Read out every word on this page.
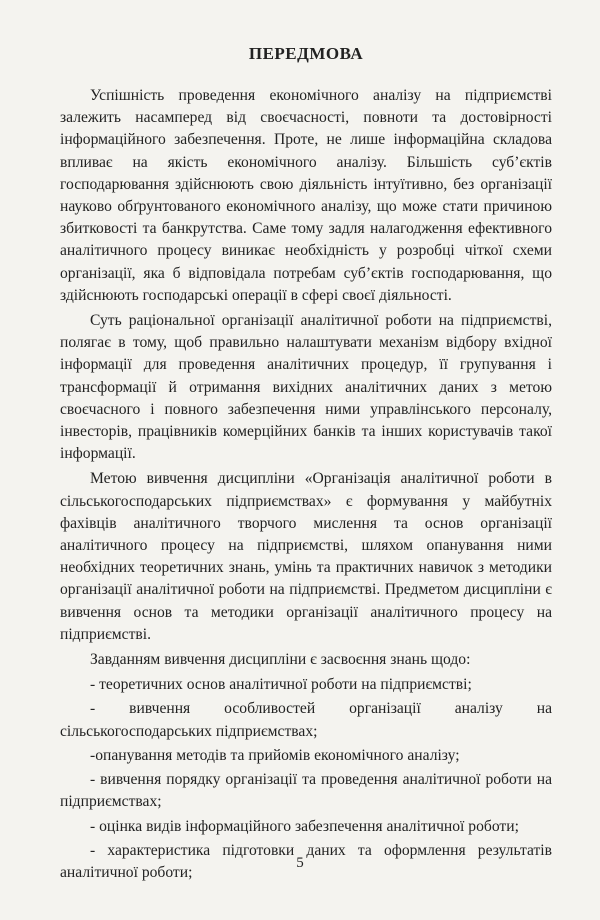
ПЕРЕДМОВА

Успішність проведення економічного аналізу на підприємстві залежить насамперед від своєчасності, повноти та достовірності інформаційного забезпечення. Проте, не лише інформаційна складова впливає на якість економічного аналізу. Більшість суб’єктів господарювання здійснюють свою діяльність інтуїтивно, без організації науково обґрунтованого економічного аналізу, що може стати причиною збитковості та банкрутства. Саме тому задля налагодження ефективного аналітичного процесу виникає необхідність у розробці чіткої схеми організації, яка б відповідала потребам суб’єктів господарювання, що здійснюють господарські операції в сфері своєї діяльності.

Суть раціональної організації аналітичної роботи на підприємстві, полягає в тому, щоб правильно налаштувати механізм відбору вхідної інформації для проведення аналітичних процедур, її групування і трансформації й отримання вихідних аналітичних даних з метою своєчасного і повного забезпечення ними управлінського персоналу, інвесторів, працівників комерційних банків та інших користувачів такої інформації.

Метою вивчення дисципліни «Організація аналітичної роботи в сільськогосподарських підприємствах» є формування у майбутніх фахівців аналітичного творчого мислення та основ організації аналітичного процесу на підприємстві, шляхом опанування ними необхідних теоретичних знань, умінь та практичних навичок з методики організації аналітичної роботи на підприємстві. Предметом дисципліни є вивчення основ та методики організації аналітичного процесу на підприємстві.

Завданням вивчення дисципліни є засвоєння знань щодо:

- теоретичних основ аналітичної роботи на підприємстві;
- вивчення особливостей організації аналізу на сільськогосподарських підприємствах;
-опанування методів та прийомів економічного аналізу;
- вивчення порядку організації та проведення аналітичної роботи на підприємствах;
- оцінка видів інформаційного забезпечення аналітичної роботи;
- характеристика підготовки даних та оформлення результатів аналітичної роботи;
5
